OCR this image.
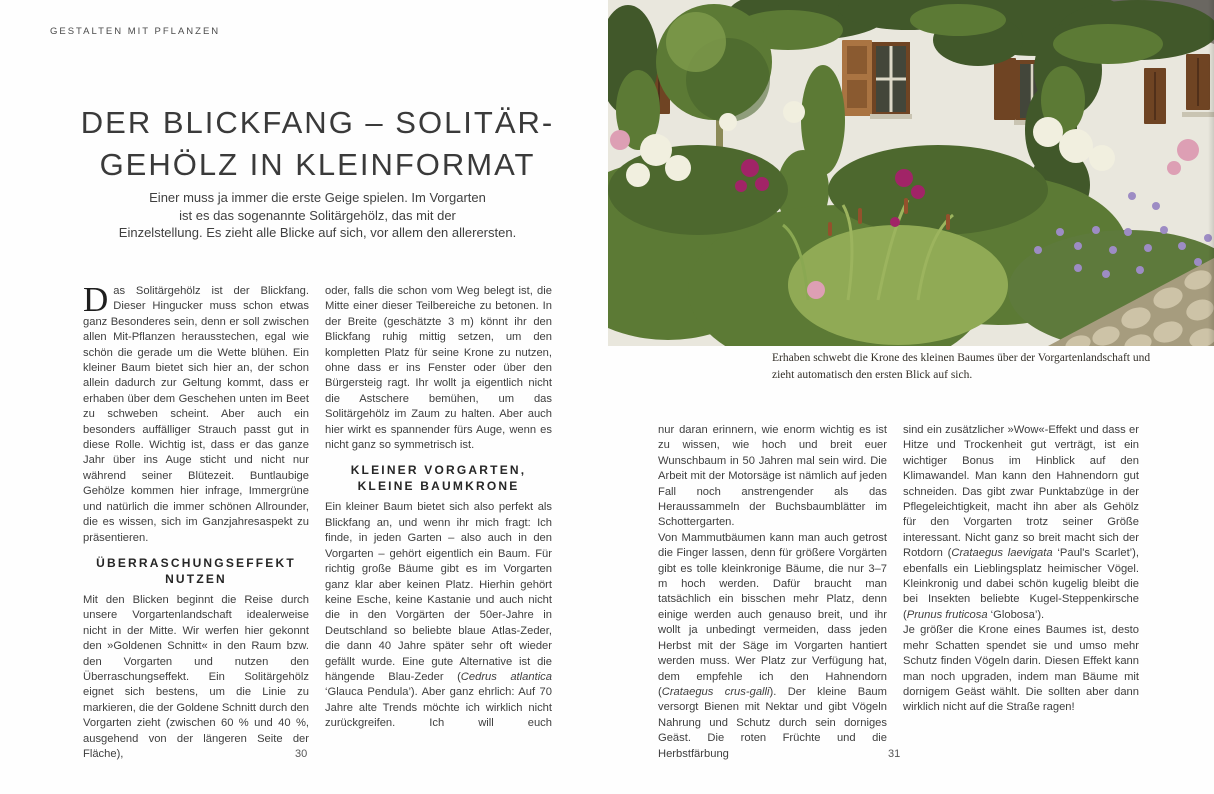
GESTALTEN MIT PFLANZEN
DER BLICKFANG – SOLITÄR-
GEHÖLZ IN KLEINFORMAT
Einer muss ja immer die erste Geige spielen. Im Vorgarten
ist es das sogenannte Solitärgehölz, das mit der
Einzelstellung. Es zieht alle Blicke auf sich, vor allem den allerersten.

Das Solitärgehölz ist der Blickfang. Dieser Hingucker muss schon etwas ganz Besonderes sein, denn er soll zwischen allen Mit-Pflanzen herausstechen, egal wie schön die gerade um die Wette blühen. Ein kleiner Baum bietet sich hier an, der schon allein dadurch zur Geltung kommt, dass er erhaben über dem Geschehen unten im Beet zu schweben scheint. Aber auch ein besonders auffälliger Strauch passt gut in diese Rolle. Wichtig ist, dass er das ganze Jahr über ins Auge sticht und nicht nur während seiner Blütezeit. Buntlaubige Gehölze kommen hier infrage, Immergrüne und natürlich die immer schönen Allrounder, die es wissen, sich im Ganzjahresaspekt zu präsentieren.

ÜBERRASCHUNGSEFFEKT NUTZEN

Mit den Blicken beginnt die Reise durch unsere Vorgartenlandschaft idealerweise nicht in der Mitte. Wir werfen hier gekonnt den »Goldenen Schnitt« in den Raum bzw. den Vorgarten und nutzen den Überraschungseffekt. Ein Solitärgehölz eignet sich bestens, um die Linie zu markieren, die der Goldene Schnitt durch den Vorgarten zieht (zwischen 60 % und 40 %, ausgehend von der längeren Seite der Fläche),

oder, falls die schon vom Weg belegt ist, die Mitte einer dieser Teilbereiche zu betonen. In der Breite (geschätzte 3 m) könnt ihr den Blickfang ruhig mittig setzen, um den kompletten Platz für seine Krone zu nutzen, ohne dass er ins Fenster oder über den Bürgersteig ragt. Ihr wollt ja eigentlich nicht die Astschere bemühen, um das Solitärgehölz im Zaum zu halten. Aber auch hier wirkt es spannender fürs Auge, wenn es nicht ganz so symmetrisch ist.

KLEINER VORGARTEN, KLEINE BAUMKRONE

Ein kleiner Baum bietet sich also perfekt als Blickfang an, und wenn ihr mich fragt: Ich finde, in jeden Garten – also auch in den Vorgarten – gehört eigentlich ein Baum. Für richtig große Bäume gibt es im Vorgarten ganz klar aber keinen Platz. Hierhin gehört keine Esche, keine Kastanie und auch nicht die in den Vorgärten der 50er-Jahre in Deutschland so beliebte blaue Atlas-Zeder, die dann 40 Jahre später sehr oft wieder gefällt wurde. Eine gute Alternative ist die hängende Blau-Zeder (Cedrus atlantica ‘Glauca Pendula’). Aber ganz ehrlich: Auf 70 Jahre alte Trends möchte ich wirklich nicht zurückgreifen. Ich will euch

30
Erhaben schwebt die Krone des kleinen Baumes über der Vorgartenlandschaft und
zieht automatisch den ersten Blick auf sich.

nur daran erinnern, wie enorm wichtig es ist zu wissen, wie hoch und breit euer Wunschbaum in 50 Jahren mal sein wird. Die Arbeit mit der Motorsäge ist nämlich auf jeden Fall noch anstrengender als das Heraussammeln der Buchsbaumblätter im Schottergarten.

Von Mammutbäumen kann man auch getrost die Finger lassen, denn für größere Vorgärten gibt es tolle kleinkronige Bäume, die nur 3–7 m hoch werden. Dafür braucht man tatsächlich ein bisschen mehr Platz, denn einige werden auch genauso breit, und ihr wollt ja unbedingt vermeiden, dass jeden Herbst mit der Säge im Vorgarten hantiert werden muss. Wer Platz zur Verfügung hat, dem empfehle ich den Hahnendorn (Crataegus crus-galli). Der kleine Baum versorgt Bienen mit Nektar und gibt Vögeln Nahrung und Schutz durch sein dorniges Geäst. Die roten Früchte und die Herbstfärbung

sind ein zusätzlicher »Wow«-Effekt und dass er Hitze und Trockenheit gut verträgt, ist ein wichtiger Bonus im Hinblick auf den Klimawandel. Man kann den Hahnendorn gut schneiden. Das gibt zwar Punktabzüge in der Pflegeleichtigkeit, macht ihn aber als Gehölz für den Vorgarten trotz seiner Größe interessant. Nicht ganz so breit macht sich der Rotdorn (Crataegus laevigata ‘Paul's Scarlet’), ebenfalls ein Lieblingsplatz heimischer Vögel. Kleinkronig und dabei schön kugelig bleibt die bei Insekten beliebte Kugel-Steppenkirsche (Prunus fruticosa ‘Globosa’).

Je größer die Krone eines Baumes ist, desto mehr Schatten spendet sie und umso mehr Schutz finden Vögeln darin. Diesen Effekt kann man noch upgraden, indem man Bäume mit dornigem Geäst wählt. Die sollten aber dann wirklich nicht auf die Straße ragen!

31
